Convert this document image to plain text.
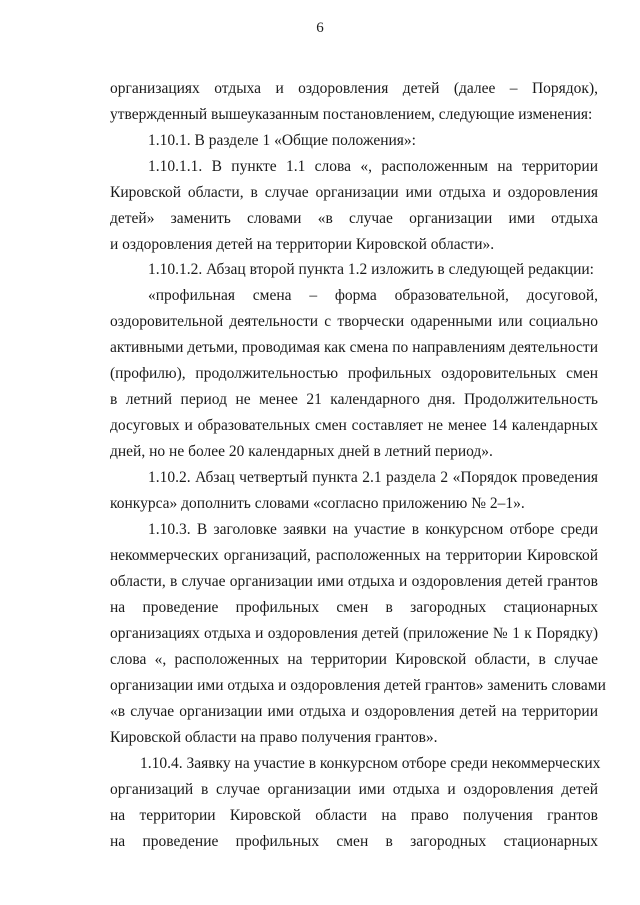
6
организациях отдыха и оздоровления детей (далее – Порядок),
утвержденный вышеуказанным постановлением, следующие изменения:
1.10.1. В разделе 1 «Общие положения»:
1.10.1.1. В пункте 1.1 слова «, расположенным на территории
Кировской области, в случае организации ими отдыха и оздоровления
детей» заменить словами «в случае организации ими отдыха
и оздоровления детей на территории Кировской области».
1.10.1.2. Абзац второй пункта 1.2 изложить в следующей редакции:
«профильная смена – форма образовательной, досуговой,
оздоровительной деятельности с творчески одаренными или социально
активными детьми, проводимая как смена по направлениям деятельности
(профилю), продолжительностью профильных оздоровительных смен
в летний период не менее 21 календарного дня. Продолжительность
досуговых и образовательных смен составляет не менее 14 календарных
дней, но не более 20 календарных дней в летний период».
1.10.2. Абзац четвертый пункта 2.1 раздела 2 «Порядок проведения
конкурса» дополнить словами «согласно приложению № 2–1».
1.10.3. В заголовке заявки на участие в конкурсном отборе среди
некоммерческих организаций, расположенных на территории Кировской
области, в случае организации ими отдыха и оздоровления детей грантов
на проведение профильных смен в загородных стационарных
организациях отдыха и оздоровления детей (приложение № 1 к Порядку)
слова «, расположенных на территории Кировской области, в случае
организации ими отдыха и оздоровления детей грантов» заменить словами
«в случае организации ими отдыха и оздоровления детей на территории
Кировской области на право получения грантов».
1.10.4. Заявку на участие в конкурсном отборе среди некоммерческих
организаций в случае организации ими отдыха и оздоровления детей
на территории Кировской области на право получения грантов
на проведение профильных смен в загородных стационарных
